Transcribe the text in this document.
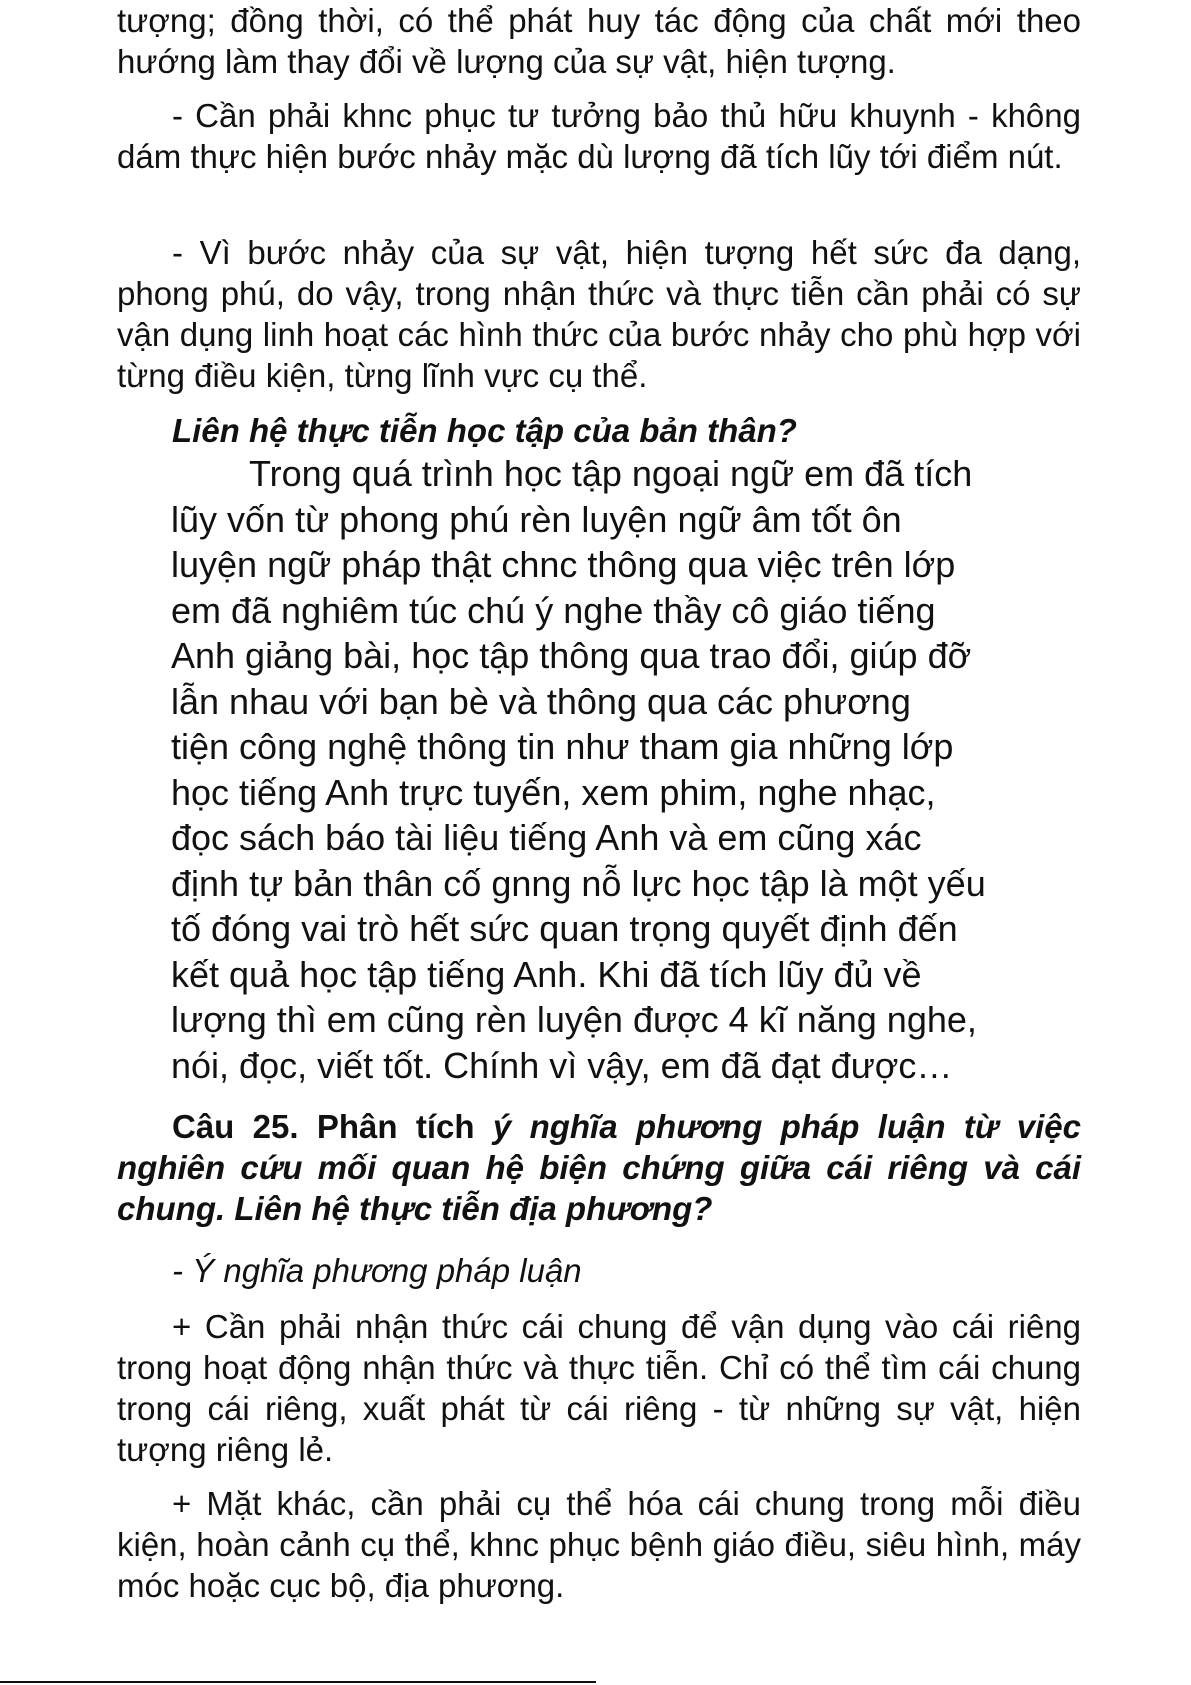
tượng; đồng thời, có thể phát huy tác động của chất mới theo hướng làm thay đổi về lượng của sự vật, hiện tượng.

- Cần phải khnc phục tư tưởng bảo thủ hữu khuynh - không dám thực hiện bước nhảy mặc dù lượng đã tích lũy tới điểm nút.

- Vì bước nhảy của sự vật, hiện tượng hết sức đa dạng, phong phú, do vậy, trong nhận thức và thực tiễn cần phải có sự vận dụng linh hoạt các hình thức của bước nhảy cho phù hợp với từng điều kiện, từng lĩnh vực cụ thể.

Liên hệ thực tiễn học tập của bản thân?

Trong quá trình học tập ngoại ngữ em đã tích
lũy vốn từ phong phú rèn luyện ngữ âm tốt ôn
luyện ngữ pháp thật chnc thông qua việc trên lớp
em đã nghiêm túc chú ý nghe thầy cô giáo tiếng
Anh giảng bài, học tập thông qua trao đổi, giúp đỡ
lẫn nhau với bạn bè và thông qua các phương
tiện công nghệ thông tin như tham gia những lớp
học tiếng Anh trực tuyến, xem phim, nghe nhạc,
đọc sách báo tài liệu tiếng Anh và em cũng xác
định tự bản thân cố gnng nỗ lực học tập là một yếu
tố đóng vai trò hết sức quan trọng quyết định đến
kết quả học tập tiếng Anh. Khi đã tích lũy đủ về
lượng thì em cũng rèn luyện được 4 kĩ năng nghe,
nói, đọc, viết tốt. Chính vì vậy, em đã đạt được…

Câu 25. Phân tích ý nghĩa phương pháp luận từ việc nghiên cứu mối quan hệ biện chứng giữa cái riêng và cái chung. Liên hệ thực tiễn địa phương?

- Ý nghĩa phương pháp luận

+ Cần phải nhận thức cái chung để vận dụng vào cái riêng trong hoạt động nhận thức và thực tiễn. Chỉ có thể tìm cái chung trong cái riêng, xuất phát từ cái riêng - từ những sự vật, hiện tượng riêng lẻ.

+ Mặt khác, cần phải cụ thể hóa cái chung trong mỗi điều kiện, hoàn cảnh cụ thể, khnc phục bệnh giáo điều, siêu hình, máy móc hoặc cục bộ, địa phương.
